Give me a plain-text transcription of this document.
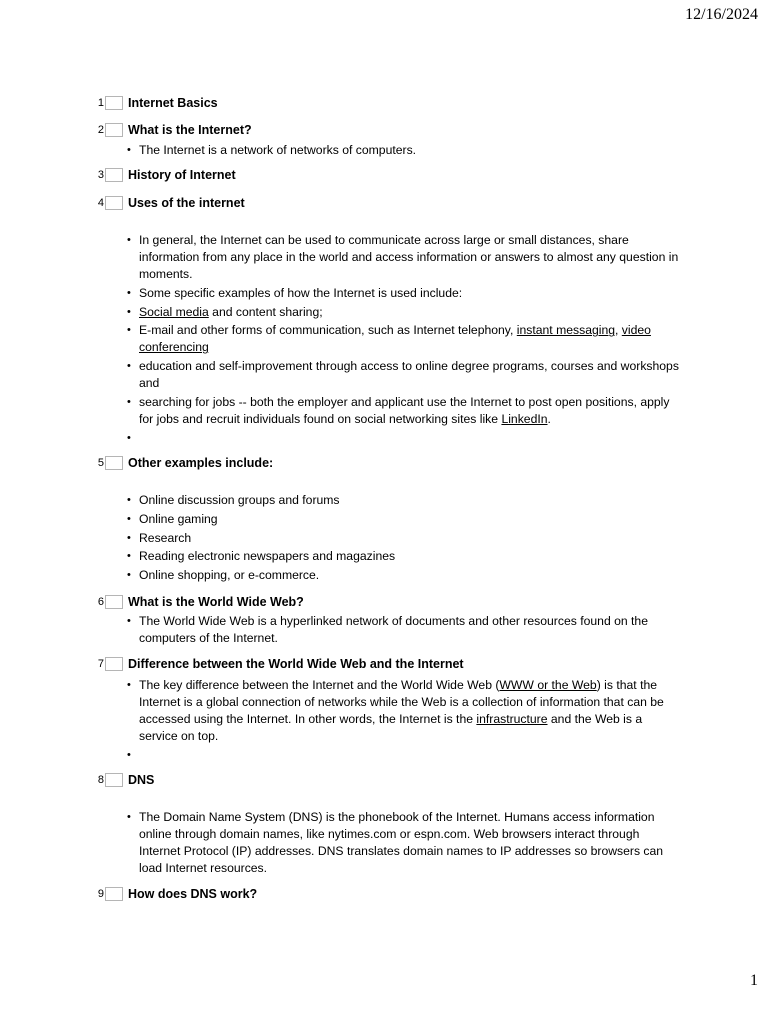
12/16/2024
1 Internet Basics
2 What is the Internet?
• The Internet is a network of networks of computers.
3 History of Internet
4 Uses of the internet
• In general, the Internet can be used to communicate across large or small distances, share information from any place in the world and access information or answers to almost any question in moments.
• Some specific examples of how the Internet is used include:
• Social media and content sharing;
• E-mail and other forms of communication, such as Internet telephony, instant messaging, video conferencing
• education and self-improvement through access to online degree programs, courses and workshops and
• searching for jobs -- both the employer and applicant use the Internet to post open positions, apply for jobs and recruit individuals found on social networking sites like LinkedIn.
•
5 Other examples include:
• Online discussion groups and forums
• Online gaming
• Research
• Reading electronic newspapers and magazines
• Online shopping, or e-commerce.
6 What is the World Wide Web?
• The World Wide Web is a hyperlinked network of documents and other resources found on the computers of the Internet.
7 Difference between the World Wide Web and the Internet
• The key difference between the Internet and the World Wide Web (WWW or the Web) is that the Internet is a global connection of networks while the Web is a collection of information that can be accessed using the Internet. In other words, the Internet is the infrastructure and the Web is a service on top.
•
8 DNS
• The Domain Name System (DNS) is the phonebook of the Internet. Humans access information online through domain names, like nytimes.com or espn.com. Web browsers interact through Internet Protocol (IP) addresses. DNS translates domain names to IP addresses so browsers can load Internet resources.
9 How does DNS work?
1
